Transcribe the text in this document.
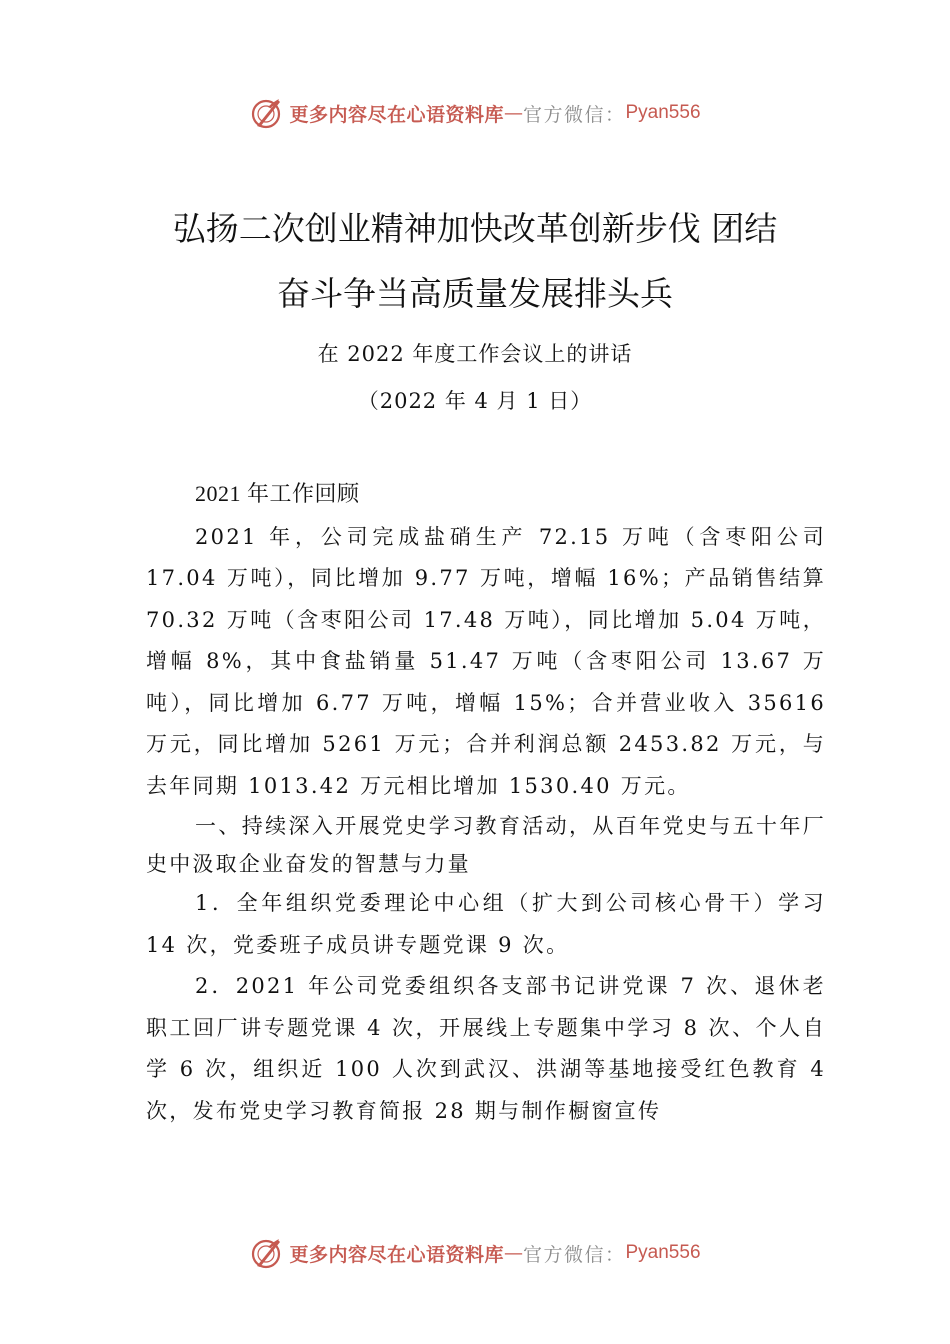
更多内容尽在心语资料库 — 官方微信： Pyan556
弘扬二次创业精神加快改革创新步伐 团结
奋斗争当高质量发展排头兵
在 2022 年度工作会议上的讲话
（2022 年 4 月 1 日）

2021 年工作回顾

2021 年，公司完成盐硝生产 72.15 万吨（含枣阳公司 17.04 万吨），同比增加 9.77 万吨，增幅 16%；产品销售结算 70.32 万吨（含枣阳公司 17.48 万吨），同比增加 5.04 万吨，增幅 8%，其中食盐销量 51.47 万吨（含枣阳公司 13.67 万吨），同比增加 6.77 万吨，增幅 15%；合并营业收入 35616 万元，同比增加 5261 万元；合并利润总额 2453.82 万元，与去年同期 1013.42 万元相比增加 1530.40 万元。

一、持续深入开展党史学习教育活动，从百年党史与五十年厂史中汲取企业奋发的智慧与力量

1．全年组织党委理论中心组（扩大到公司核心骨干）学习 14 次，党委班子成员讲专题党课 9 次。

2．2021 年公司党委组织各支部书记讲党课 7 次、退休老职工回厂讲专题党课 4 次，开展线上专题集中学习 8 次、个人自学 6 次，组织近 100 人次到武汉、洪湖等基地接受红色教育 4 次，发布党史学习教育简报 28 期与制作橱窗宣传

更多内容尽在心语资料库 — 官方微信： Pyan556
